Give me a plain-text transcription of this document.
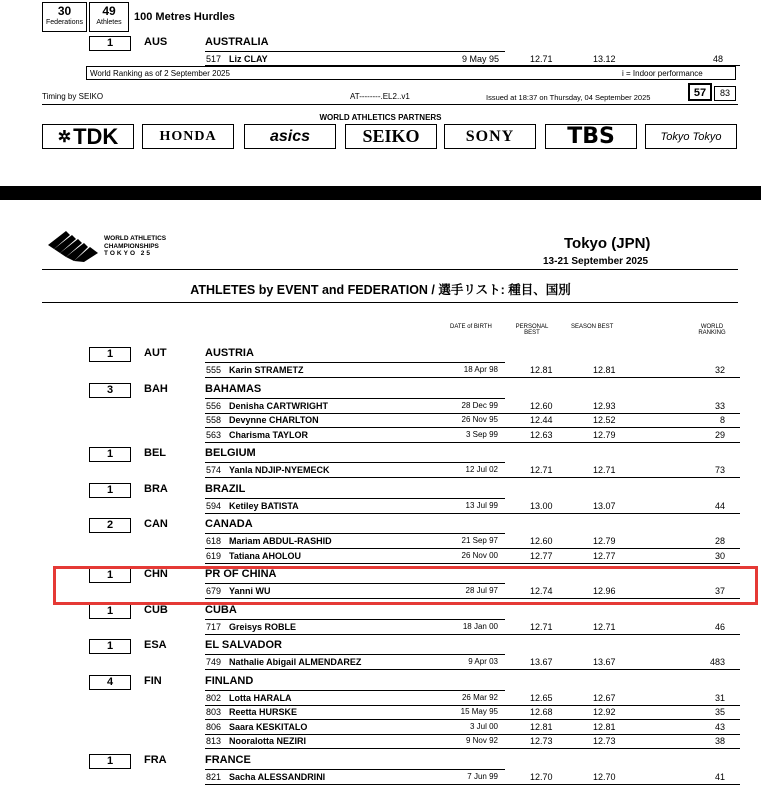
30
Federations
49
Athletes	100 Metres Hurdles
1	AUS	AUSTRALIA
517 Liz CLAY	9 May 95	12.71	13.12	48
World Ranking as of 2 September 2025	i = Indoor performance
Timing by SEIKO	AT--------.EL2..v1	Issued at 18:37 on Thursday, 04 September 2025	57	83
WORLD ATHLETICS PARTNERS
✲ TDK	HONDA	asics	SEIKO	SONY TBS	Tokyo Tokyo
WORLD ATHLETICS
CHAMPIONSHIPS
TOKYO 25
Tokyo (JPN)
13-21 September 2025
ATHLETES by EVENT and FEDERATION / 選手リスト: 種目、国別
DATE of BIRTH	PERSONAL
BEST
SEASON BEST	WORLD
RANKING
1	AUT	AUSTRIA
555 Karin STRAMETZ	18 Apr 98	12.81	12.81	32
3	BAH	BAHAMAS
556 Denisha CARTWRIGHT	28 Dec 99	12.60	12.93	33
558 Devynne CHARLTON	26 Nov 95	12.44	12.52	8
563 Charisma TAYLOR	3 Sep 99	12.63	12.79	29
1	BEL	BELGIUM
574 Yanla NDJIP-NYEMECK	12 Jul 02	12.71	12.71	73
1	BRA	BRAZIL
594 Ketiley BATISTA	13 Jul 99	13.00	13.07	44
2	CAN	CANADA
618 Mariam ABDUL-RASHID	21 Sep 97	12.60	12.79	28
619 Tatiana AHOLOU	26 Nov 00	12.77	12.77	30
1	CHN	PR OF CHINA
679 Yanni WU	28 Jul 97	12.74	12.96	37
1	CUB	CUBA
717 Greisys ROBLE	18 Jan 00	12.71	12.71	46
1	ESA	EL SALVADOR
749 Nathalie Abigail ALMENDAREZ	9 Apr 03	13.67	13.67	483
4	FIN	FINLAND
802 Lotta HARALA	26 Mar 92	12.65	12.67	31
803 Reetta HURSKE	15 May 95	12.68	12.92	35
806 Saara KESKITALO	3 Jul 00	12.81	12.81	43
813 Nooralotta NEZIRI	9 Nov 92	12.73	12.73	38
1	FRA	FRANCE
821 Sacha ALESSANDRINI	7 Jun 99	12.70	12.70	41
